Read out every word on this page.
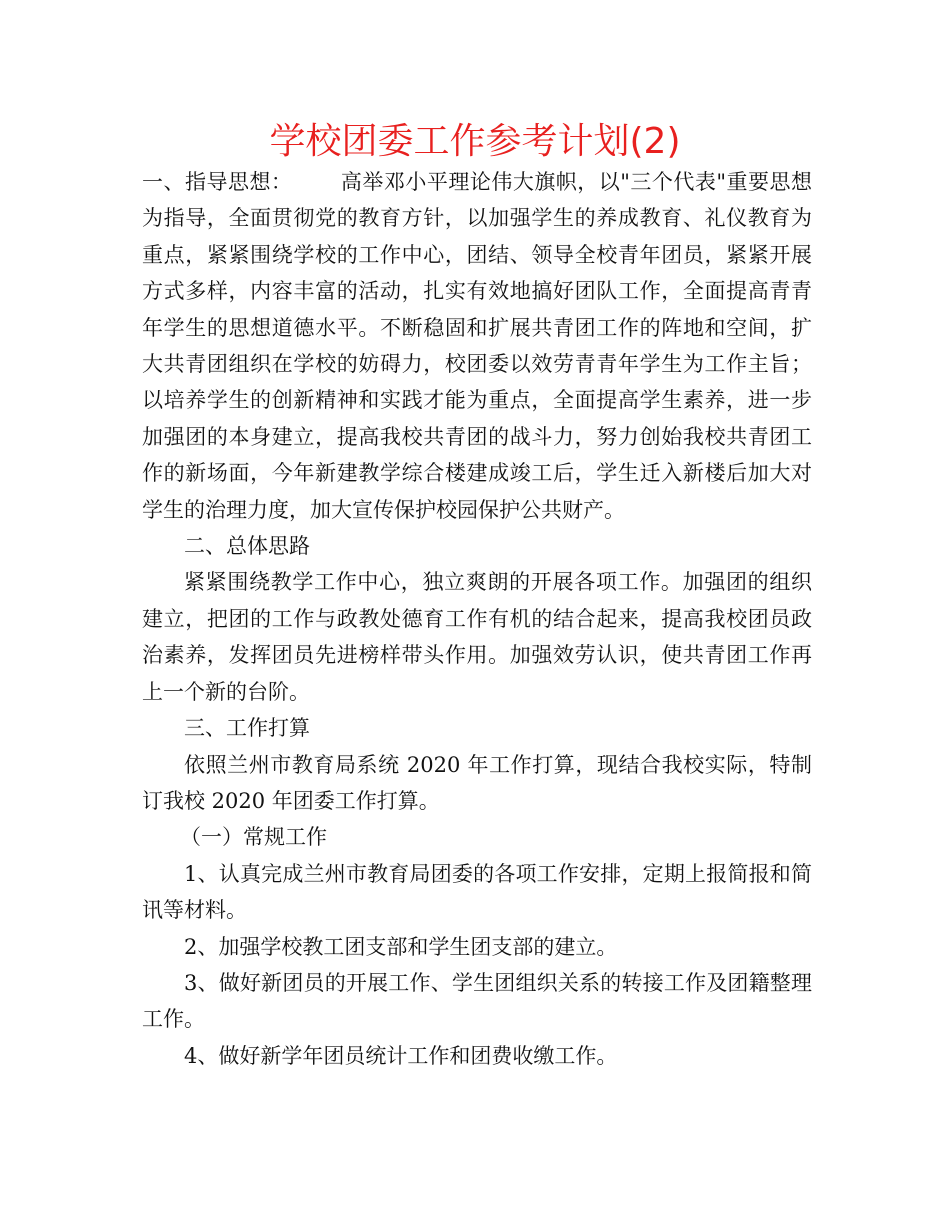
学校团委工作参考计划(2)

一、指导思想： 高举邓小平理论伟大旗帜，以"三个代表"重要思想为指导，全面贯彻党的教育方针，以加强学生的养成教育、礼仪教育为重点，紧紧围绕学校的工作中心，团结、领导全校青年团员，紧紧开展方式多样，内容丰富的活动，扎实有效地搞好团队工作，全面提高青青年学生的思想道德水平。不断稳固和扩展共青团工作的阵地和空间，扩大共青团组织在学校的妨碍力，校团委以效劳青青年学生为工作主旨；以培养学生的创新精神和实践才能为重点，全面提高学生素养，进一步加强团的本身建立，提高我校共青团的战斗力，努力创始我校共青团工作的新场面，今年新建教学综合楼建成竣工后，学生迁入新楼后加大对学生的治理力度，加大宣传保护校园保护公共财产。

二、总体思路

紧紧围绕教学工作中心，独立爽朗的开展各项工作。加强团的组织建立，把团的工作与政教处德育工作有机的结合起来，提高我校团员政治素养，发挥团员先进榜样带头作用。加强效劳认识，使共青团工作再上一个新的台阶。

三、工作打算

依照兰州市教育局系统 2020 年工作打算，现结合我校实际，特制订我校 2020 年团委工作打算。

（一）常规工作

1、认真完成兰州市教育局团委的各项工作安排，定期上报简报和简讯等材料。

2、加强学校教工团支部和学生团支部的建立。

3、做好新团员的开展工作、学生团组织关系的转接工作及团籍整理工作。

4、做好新学年团员统计工作和团费收缴工作。
